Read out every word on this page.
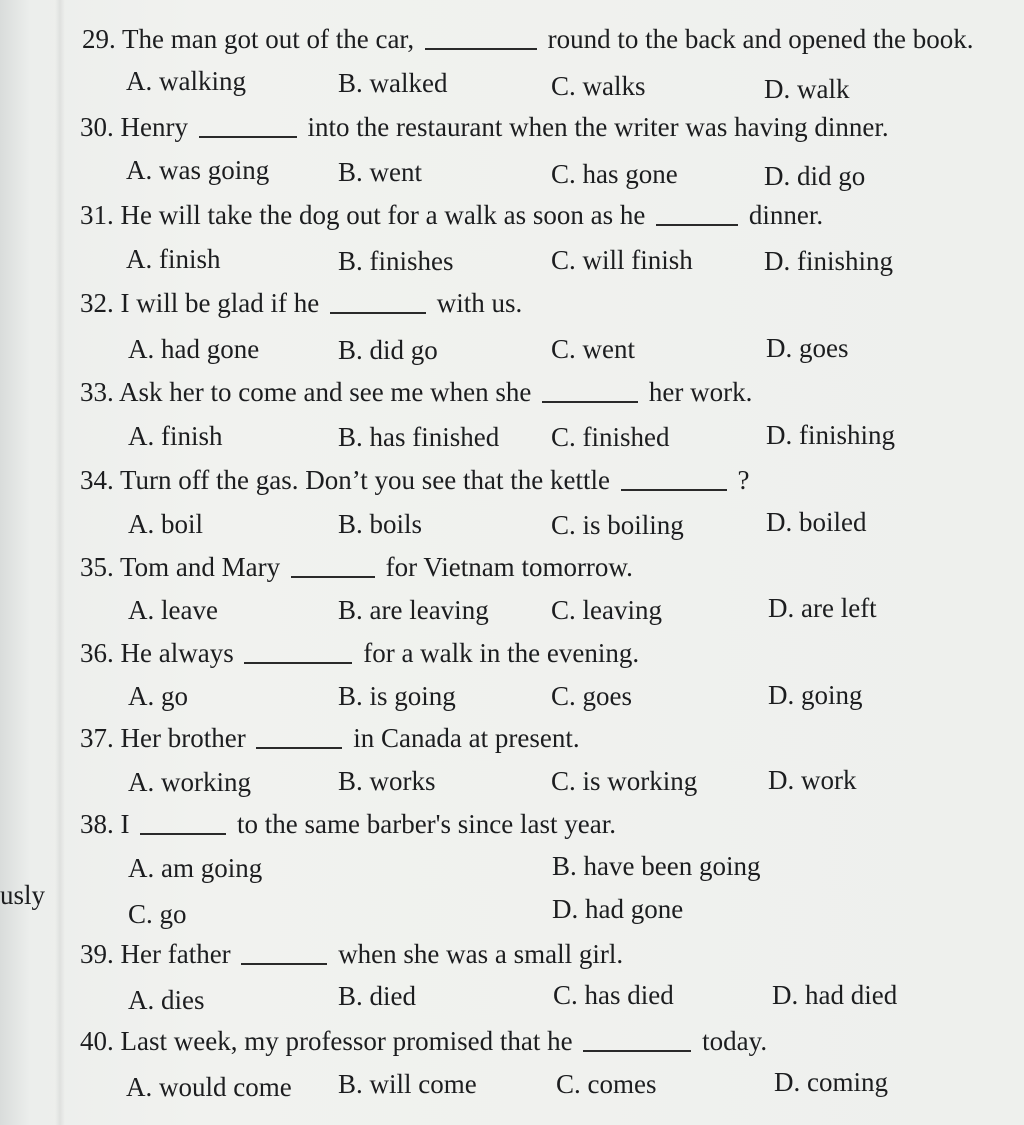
usly
29. The man got out of the car,	round to the back and opened the book.
A. walking	B. walked	C. walks	D. walk
30. Henry	into the restaurant when the writer was having dinner.
A. was going	B. went	C. has gone	D. did go
31. He will take the dog out for a walk as soon as he	dinner.
A. finish	B. finishes	C. will finish	D. finishing
32. I will be glad if he	with us.
A. had gone	B. did go	C. went	D. goes
33. Ask her to come and see me when she	her work.
A. finish	B. has finished C. finished	D. finishing
34. Turn off the gas. Don’t you see that the kettle	?
A. boil	B. boils	C. is boiling	D. boiled
35. Tom and Mary	for Vietnam tomorrow.
A. leave	B. are leaving C. leaving	D. are left
36. He always	for a walk in the evening.
A. go	B. is going	C. goes	D. going
37. Her brother	in Canada at present.
A. working	B. works	C. is working	D. work
38. I	to the same barber's since last year.
A. am going	B. have been going
C. go	D. had gone
39. Her father	when she was a small girl.
A. dies	B. died	C. has died	D. had died
40. Last week, my professor promised that he	today.
A. would come B. will come	C. comes	D. coming
